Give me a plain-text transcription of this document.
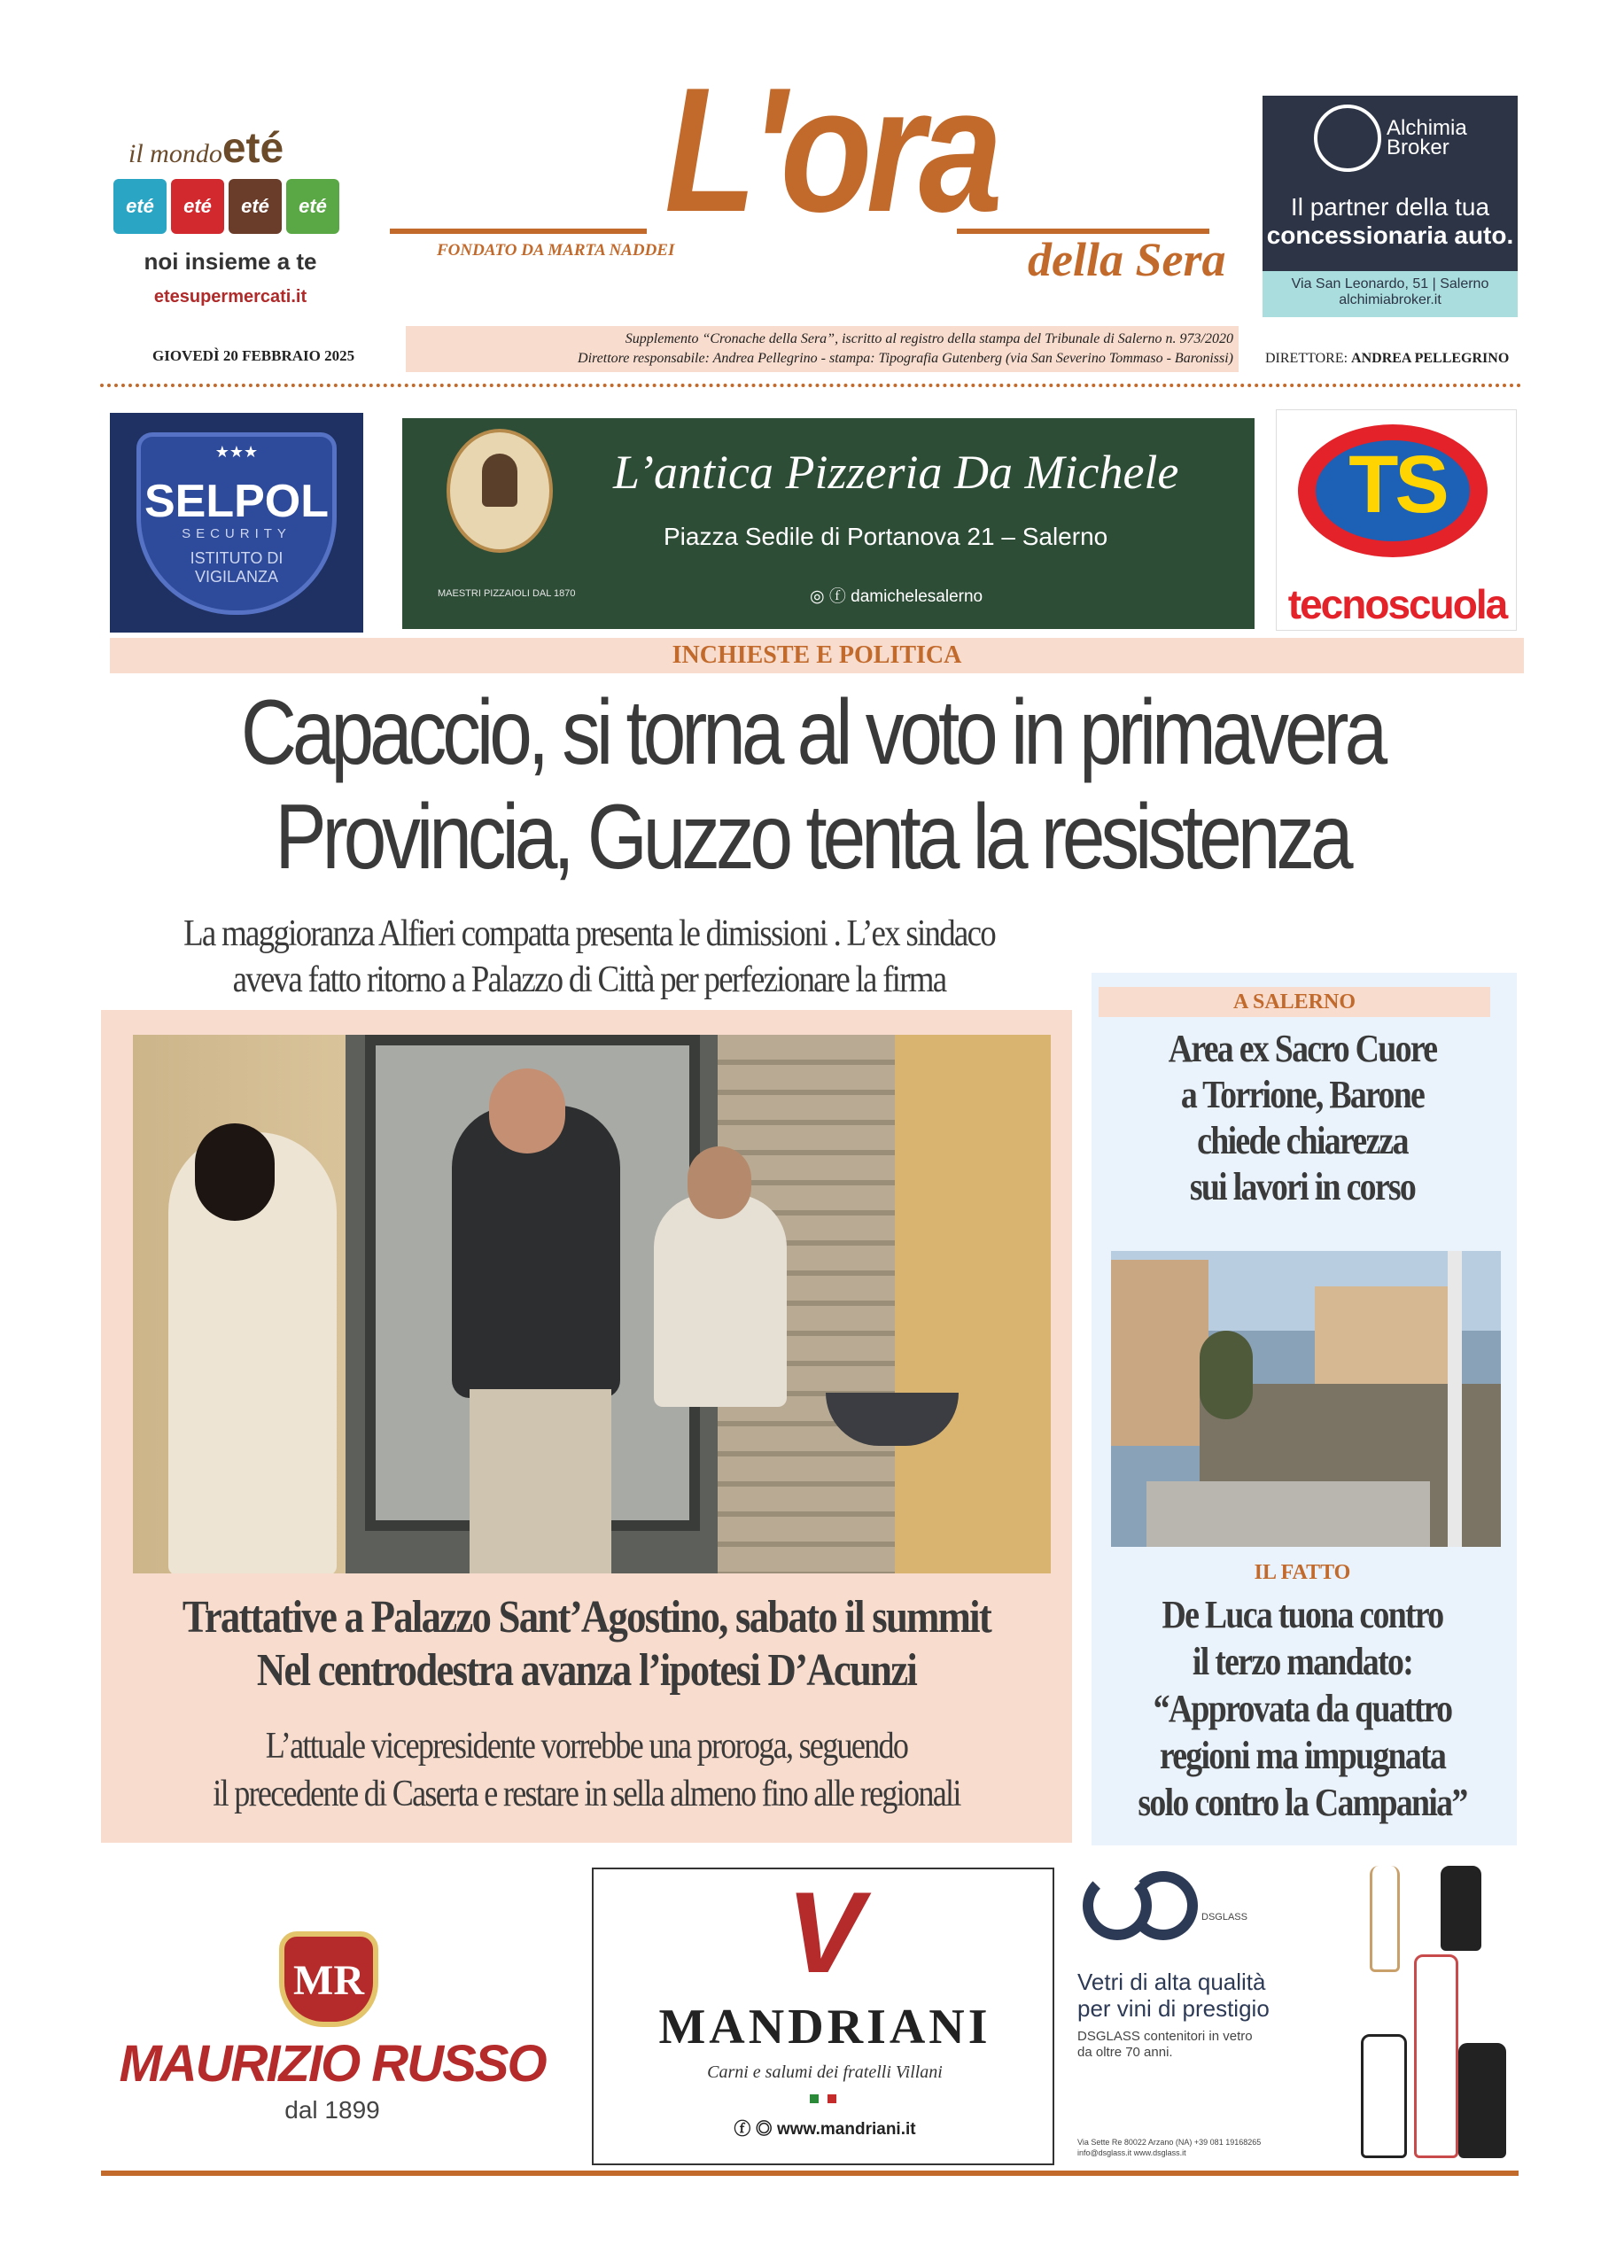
il mondoeté
eté	eté	eté	eté
noi insieme a te
etesupermercati.it
L'ora
della Sera
FONDATO DA MARTA NADDEI
Alchimia
Broker
Il partner della tua
concessionaria auto.
Via San Leonardo, 51 | Salerno
alchimiabroker.it
GIOVEDÌ 20 FEBBRAIO 2025
Supplemento “Cronache della Sera”, iscritto al registro della stampa del Tribunale di Salerno n. 973/2020
Direttore responsabile: Andrea Pellegrino - stampa: Tipografia Gutenberg (via San Severino Tommaso - Baronissi) DIRETTORE: ANDREA PELLEGRINO
★★★
SELPOL
SECURITY
ISTITUTO DI
VIGILANZA
MAESTRI PIZZAIOLI DAL 1870
L’antica Pizzeria Da Michele
Piazza Sedile di Portanova 21 – Salerno
◎ ⓕ damichelesalerno
TS
tecnoscuola
INCHIESTE E POLITICA
Capaccio, si torna al voto in primavera
Provincia, Guzzo tenta la resistenza
La maggioranza Alfieri compatta presenta le dimissioni . L’ex sindaco
aveva fatto ritorno a Palazzo di Città per perfezionare la firma
Trattative a Palazzo Sant’Agostino, sabato il summit
Nel centrodestra avanza l’ipotesi D’Acunzi
L’attuale vicepresidente vorrebbe una proroga, seguendo
il precedente di Caserta e restare in sella almeno fino alle regionali
A SALERNO
Area ex Sacro Cuore
a Torrione, Barone
chiede chiarezza
sui lavori in corso
IL FATTO
De Luca tuona contro
il terzo mandato:
“Approvata da quattro
regioni ma impugnata
solo contro la Campania”
MR
MAURIZIO RUSSO
dal 1899
V
MANDRIANI
Carni e salumi dei fratelli Villani
ⓕ ◎ www.mandriani.it
DSGLASS
Vetri di alta qualità
per vini di prestigio
DSGLASS contenitori in vetro
da oltre 70 anni.
Via Sette Re 80022 Arzano (NA) +39 081 19168265
info@dsglass.it www.dsglass.it
